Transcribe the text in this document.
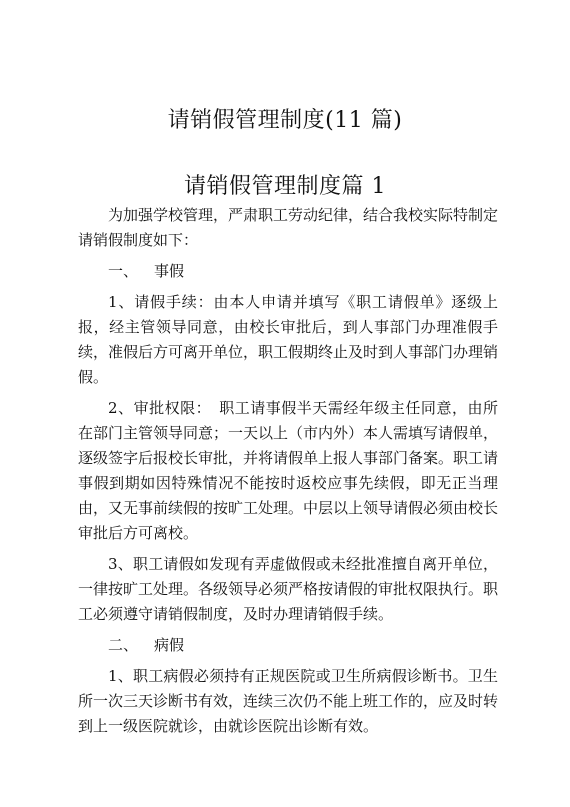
请销假管理制度(11 篇)
请销假管理制度篇 1

为加强学校管理，严肃职工劳动纪律，结合我校实际特制定请销假制度如下：

一、 事假

1、请假手续：由本人申请并填写《职工请假单》逐级上报，经主管领导同意，由校长审批后，到人事部门办理准假手续，准假后方可离开单位，职工假期终止及时到人事部门办理销假。

2、审批权限：　职工请事假半天需经年级主任同意，由所在部门主管领导同意；一天以上（市内外）本人需填写请假单，逐级签字后报校长审批，并将请假单上报人事部门备案。职工请事假到期如因特殊情况不能按时返校应事先续假，即无正当理由，又无事前续假的按旷工处理。中层以上领导请假必须由校长审批后方可离校。

3、职工请假如发现有弄虚做假或未经批准擅自离开单位，一律按旷工处理。各级领导必须严格按请假的审批权限执行。职工必须遵守请销假制度，及时办理请销假手续。

二、 病假

1、职工病假必须持有正规医院或卫生所病假诊断书。卫生所一次三天诊断书有效，连续三次仍不能上班工作的，应及时转到上一级医院就诊，由就诊医院出诊断有效。
